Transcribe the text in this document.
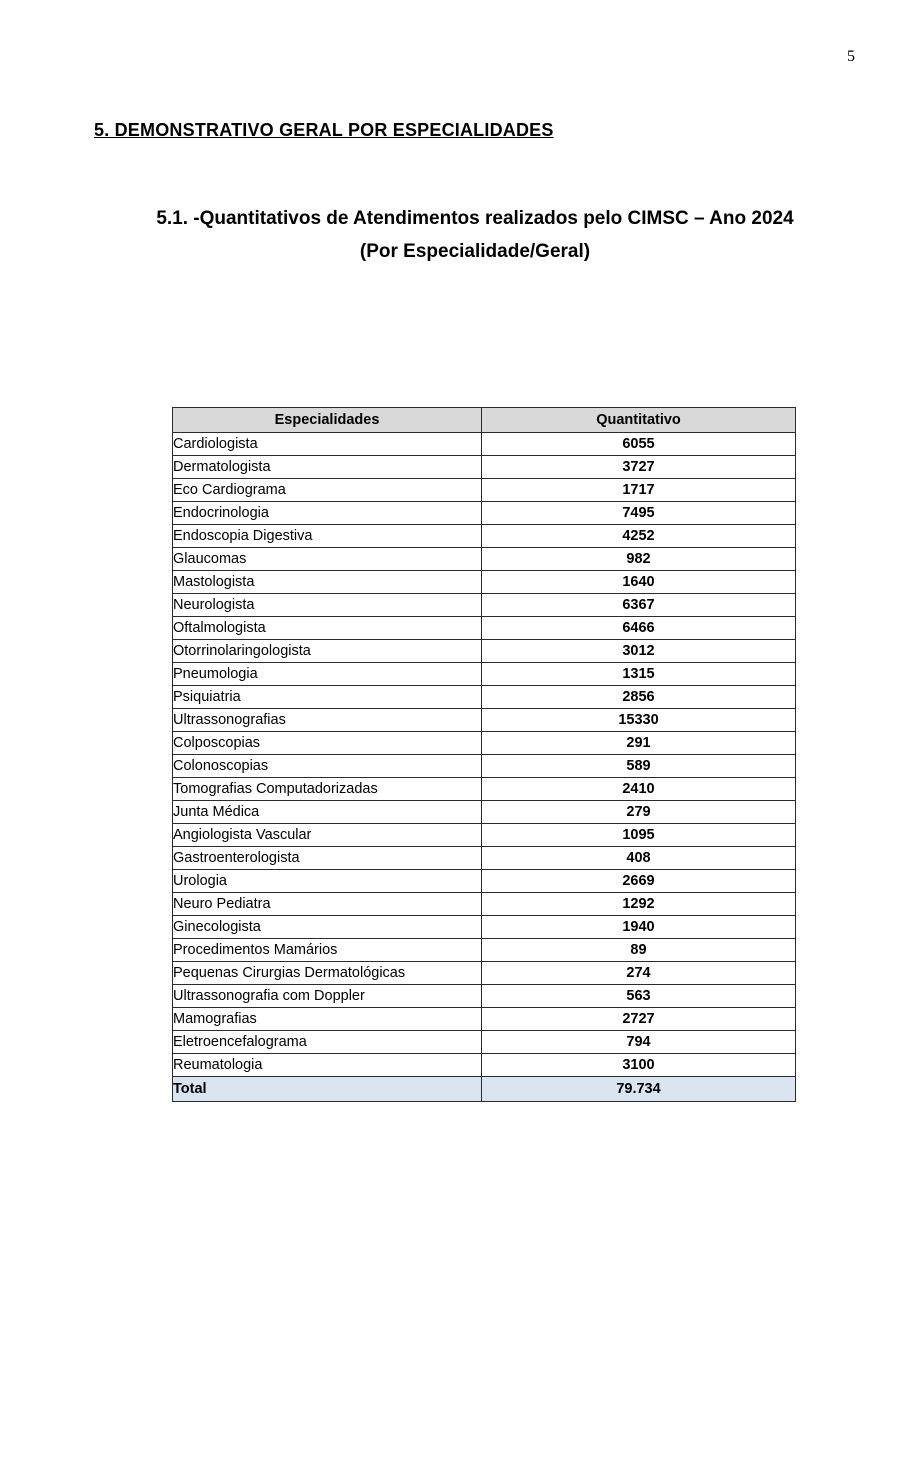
5
5. DEMONSTRATIVO GERAL POR ESPECIALIDADES
5.1. -Quantitativos de Atendimentos realizados pelo CIMSC – Ano 2024
(Por Especialidade/Geral)
Especialidades	Quantitativo
Cardiologista	6055
Dermatologista	3727
Eco Cardiograma	1717
Endocrinologia	7495
Endoscopia Digestiva	4252
Glaucomas	982
Mastologista	1640
Neurologista	6367
Oftalmologista	6466
Otorrinolaringologista	3012
Pneumologia	1315
Psiquiatria	2856
Ultrassonografias	15330
Colposcopias	291
Colonoscopias	589
Tomografias Computadorizadas	2410
Junta Médica	279
Angiologista Vascular	1095
Gastroenterologista	408
Urologia	2669
Neuro Pediatra	1292
Ginecologista	1940
Procedimentos Mamários	89
Pequenas Cirurgias Dermatológicas	274
Ultrassonografia com Doppler	563
Mamografias	2727
Eletroencefalograma	794
Reumatologia	3100
Total	79.734
